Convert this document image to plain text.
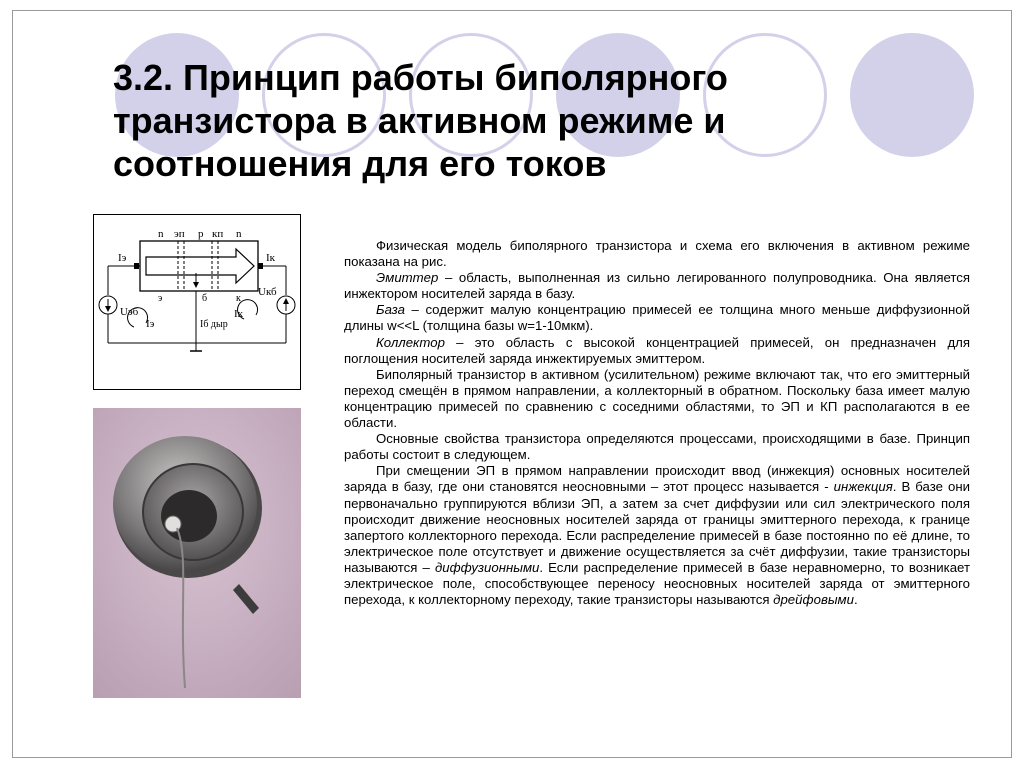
3.2. Принцип работы биполярного
транзистора в активном режиме и
соотношения для его токов
n эп p кп n
э	б	к
Iэ	Iк
Uэб
Uкб
Iэ
Iк
Iб дыр

Физическая модель биполярного транзистора и схема его включения в активном режиме показана на рис.

Эмиттер – область, выполненная из сильно легированного полупроводника. Она является инжектором носителей заряда в базу.

База – содержит малую концентрацию примесей ее толщина много меньше диффузионной длины w<<L (толщина базы w=1-10мкм).

Коллектор – это область с высокой концентрацией примесей, он предназначен для поглощения носителей заряда инжектируемых эмиттером.

Биполярный транзистор в активном (усилительном) режиме включают так, что его эмиттерный переход смещён в прямом направлении, а коллекторный в обратном. Поскольку база имеет малую концентрацию примесей по сравнению с соседними областями, то ЭП и КП располагаются в ее области.

Основные свойства транзистора определяются процессами, происходящими в базе. Принцип работы состоит в следующем.

При смещении ЭП в прямом направлении происходит ввод (инжекция) основных носителей заряда в базу, где они становятся неосновными – этот процесс называется - инжекция. В базе они первоначально группируются вблизи ЭП, а затем за счет диффузии или сил электрического поля происходит движение неосновных носителей заряда от границы эмиттерного перехода, к границе запертого коллекторного перехода. Если распределение примесей в базе постоянно по её длине, то электрическое поле отсутствует и движение осуществляется за счёт диффузии, такие транзисторы называются – диффузионными. Если распределение примесей в базе неравномерно, то возникает электрическое поле, способствующее переносу неосновных носителей заряда от эмиттерного перехода, к коллекторному переходу, такие транзисторы называются дрейфовыми.
